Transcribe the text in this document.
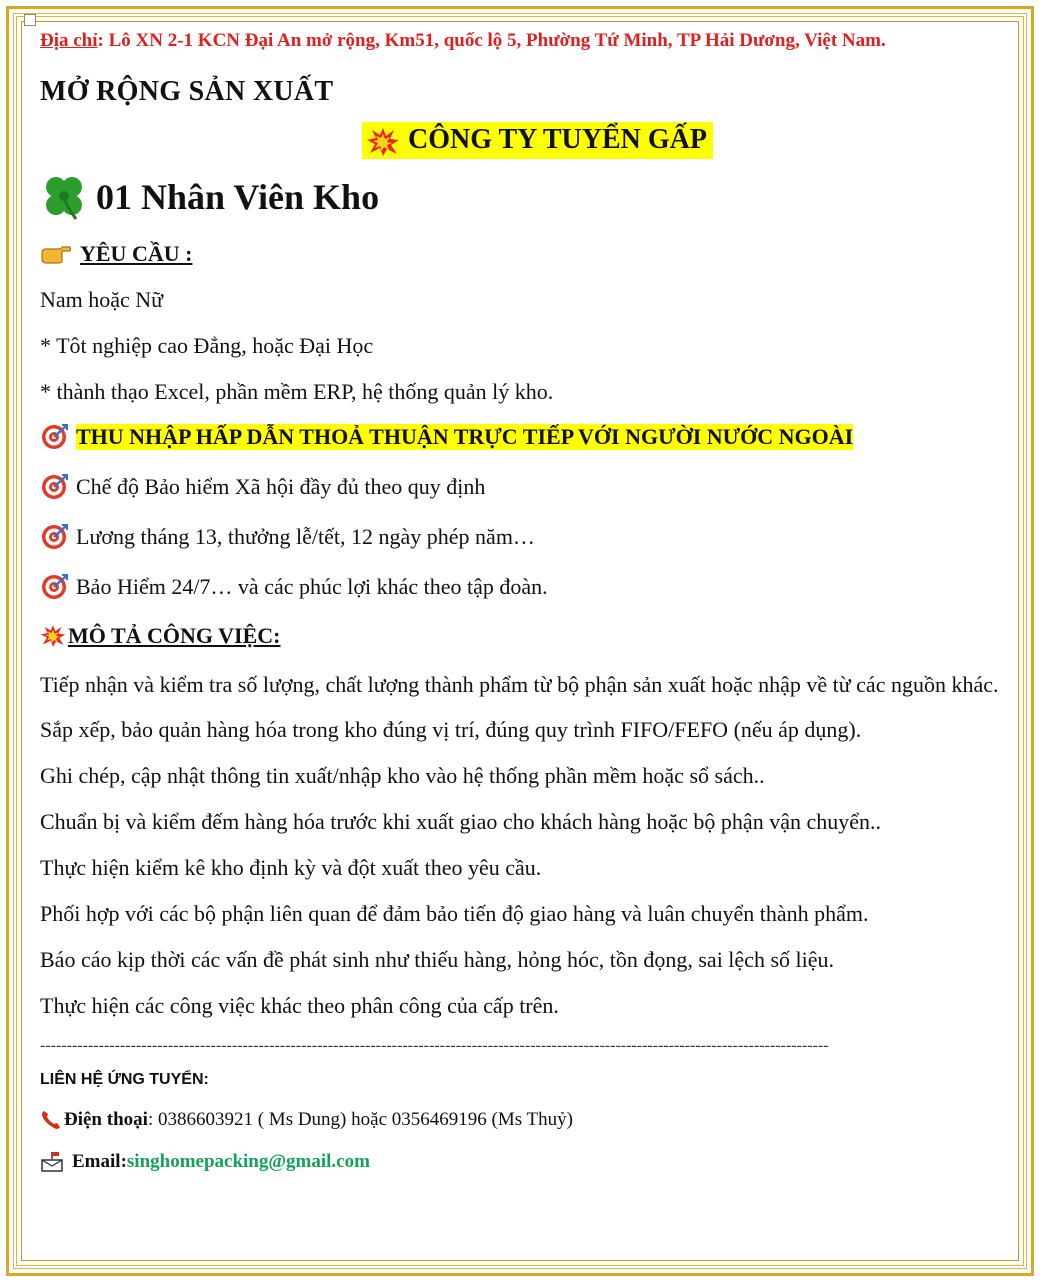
Địa chỉ: Lô XN 2-1 KCN Đại An mở rộng, Km51, quốc lộ 5, Phường Tứ Minh, TP Hải Dương, Việt Nam.
MỞ RỘNG SẢN XUẤT
CÔNG TY TUYỂN GẤP
01 Nhân Viên Kho
YÊU CẦU :
Nam hoặc Nữ
* Tôt nghiệp cao Đẳng, hoặc Đại Học
* thành thạo Excel, phần mềm ERP, hệ thống quản lý kho.
THU NHẬP HẤP DẪN THOẢ THUẬN TRỰC TIẾP VỚI NGƯỜI NƯỚC NGOÀI
Chế độ Bảo hiểm Xã hội đầy đủ theo quy định
Lương tháng 13, thưởng lễ/tết, 12 ngày phép năm…
Bảo Hiểm 24/7… và các phúc lợi khác theo tập đoàn.
MÔ TẢ CÔNG VIỆC:
Tiếp nhận và kiểm tra số lượng, chất lượng thành phẩm từ bộ phận sản xuất hoặc nhập về từ các nguồn khác.
Sắp xếp, bảo quản hàng hóa trong kho đúng vị trí, đúng quy trình FIFO/FEFO (nếu áp dụng).
Ghi chép, cập nhật thông tin xuất/nhập kho vào hệ thống phần mềm hoặc sổ sách..
Chuẩn bị và kiểm đếm hàng hóa trước khi xuất giao cho khách hàng hoặc bộ phận vận chuyển..
Thực hiện kiểm kê kho định kỳ và đột xuất theo yêu cầu.
Phối hợp với các bộ phận liên quan để đảm bảo tiến độ giao hàng và luân chuyển thành phẩm.
Báo cáo kịp thời các vấn đề phát sinh như thiếu hàng, hỏng hóc, tồn đọng, sai lệch số liệu.
Thực hiện các công việc khác theo phân công của cấp trên.
----------------------------------------------------------------------------------------------------------------------------------------------------
LIÊN HỆ ỨNG TUYỂN:
Điện thoại : 0386603921 ( Ms Dung) hoặc 0356469196 (Ms Thuỷ)
Email : singhomepacking@gmail.com
